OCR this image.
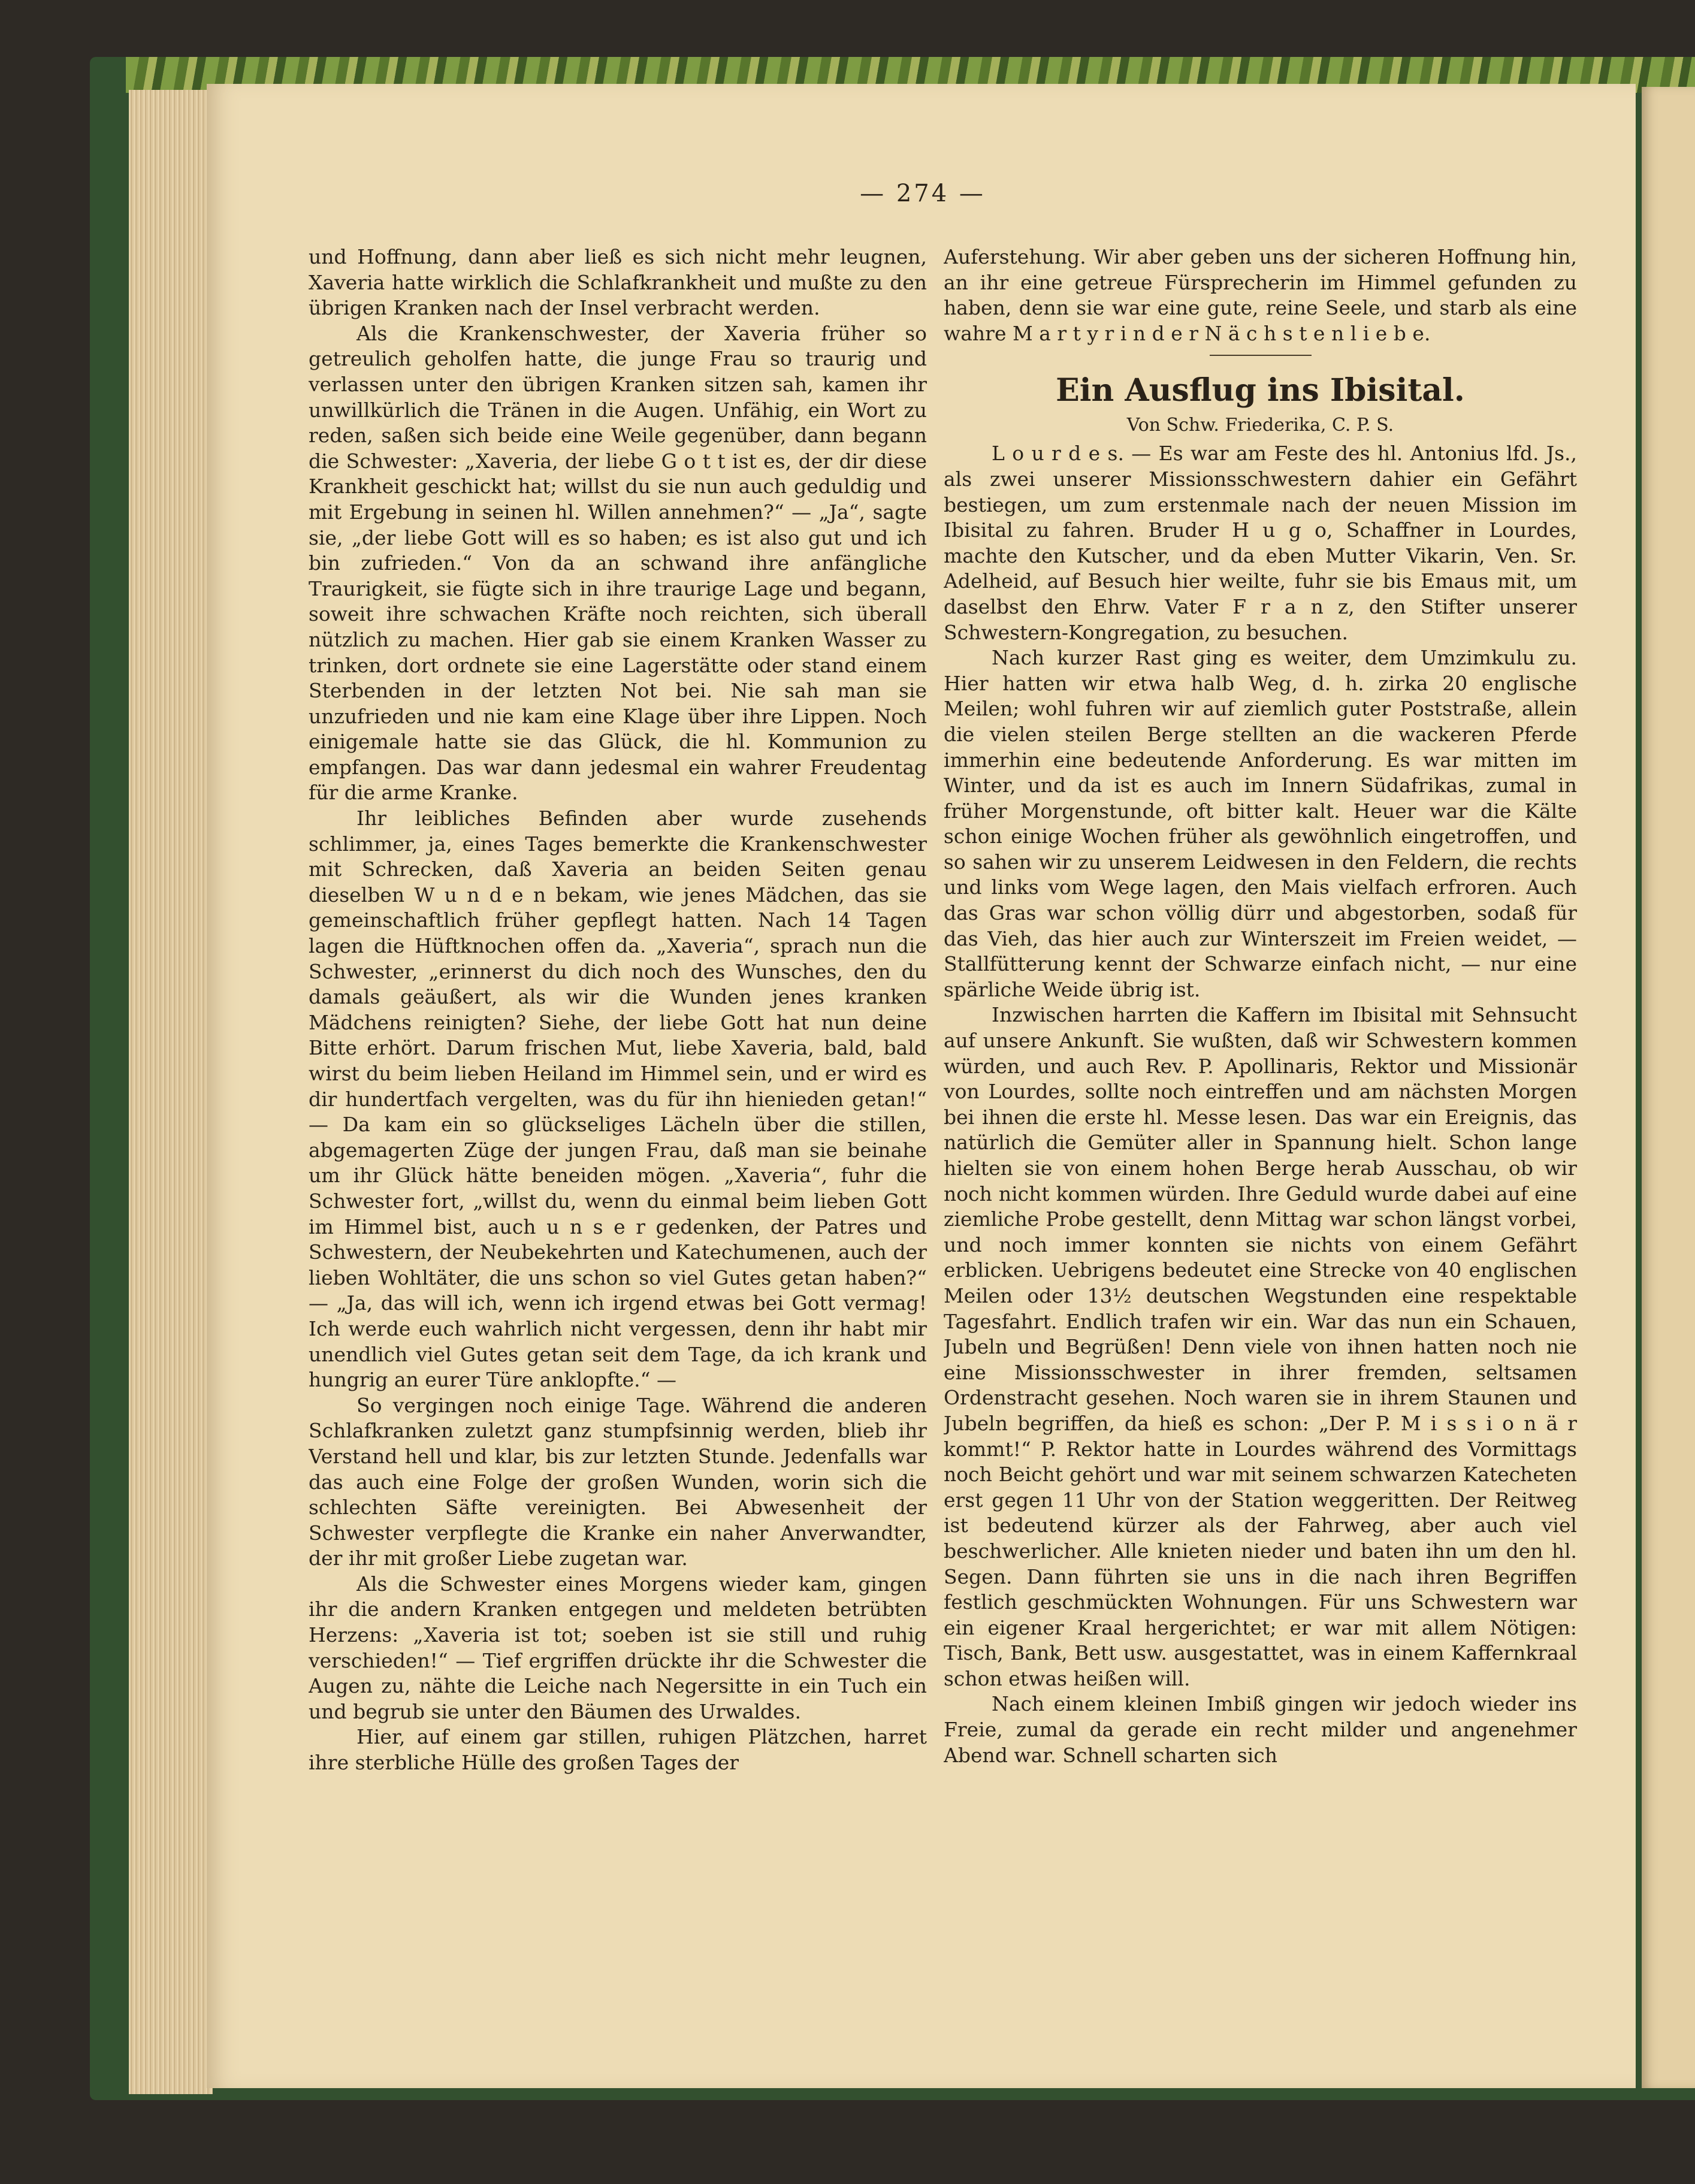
— 274 —

und Hoffnung, dann aber ließ es sich nicht mehr leugnen, Xaveria hatte wirklich die Schlafkrankheit und mußte zu den übrigen Kranken nach der Insel verbracht werden.

Als die Krankenschwester, der Xaveria früher so getreulich geholfen hatte, die junge Frau so traurig und verlassen unter den übrigen Kranken sitzen sah, kamen ihr unwillkürlich die Tränen in die Augen. Unfähig, ein Wort zu reden, saßen sich beide eine Weile gegenüber, dann begann die Schwester: „Xaveria, der liebe G o t t ist es, der dir diese Krankheit geschickt hat; willst du sie nun auch geduldig und mit Ergebung in seinen hl. Willen annehmen?“ — „Ja“, sagte sie, „der liebe Gott will es so haben; es ist also gut und ich bin zufrieden.“ Von da an schwand ihre anfängliche Traurigkeit, sie fügte sich in ihre traurige Lage und begann, soweit ihre schwachen Kräfte noch reichten, sich überall nützlich zu machen. Hier gab sie einem Kranken Wasser zu trinken, dort ordnete sie eine Lagerstätte oder stand einem Sterbenden in der letzten Not bei. Nie sah man sie unzufrieden und nie kam eine Klage über ihre Lippen. Noch einigemale hatte sie das Glück, die hl. Kommunion zu empfangen. Das war dann jedesmal ein wahrer Freudentag für die arme Kranke.

Ihr leibliches Befinden aber wurde zusehends schlimmer, ja, eines Tages bemerkte die Krankenschwester mit Schrecken, daß Xaveria an beiden Seiten genau dieselben W u n d e n bekam, wie jenes Mädchen, das sie gemeinschaftlich früher gepflegt hatten. Nach 14 Tagen lagen die Hüftknochen offen da. „Xaveria“, sprach nun die Schwester, „erinnerst du dich noch des Wunsches, den du damals geäußert, als wir die Wunden jenes kranken Mädchens reinigten? Siehe, der liebe Gott hat nun deine Bitte erhört. Darum frischen Mut, liebe Xaveria, bald, bald wirst du beim lieben Heiland im Himmel sein, und er wird es dir hundertfach vergelten, was du für ihn hienieden getan!“ — Da kam ein so glückseliges Lächeln über die stillen, abgemagerten Züge der jungen Frau, daß man sie beinahe um ihr Glück hätte beneiden mögen. „Xaveria“, fuhr die Schwester fort, „willst du, wenn du einmal beim lieben Gott im Himmel bist, auch u n s e r gedenken, der Patres und Schwestern, der Neubekehrten und Katechumenen, auch der lieben Wohltäter, die uns schon so viel Gutes getan haben?“ — „Ja, das will ich, wenn ich irgend etwas bei Gott vermag! Ich werde euch wahrlich nicht vergessen, denn ihr habt mir unendlich viel Gutes getan seit dem Tage, da ich krank und hungrig an eurer Türe anklopfte.“ —

So vergingen noch einige Tage. Während die anderen Schlafkranken zuletzt ganz stumpfsinnig werden, blieb ihr Verstand hell und klar, bis zur letzten Stunde. Jedenfalls war das auch eine Folge der großen Wunden, worin sich die schlechten Säfte vereinigten. Bei Abwesenheit der Schwester verpflegte die Kranke ein naher Anverwandter, der ihr mit großer Liebe zugetan war.

Als die Schwester eines Morgens wieder kam, gingen ihr die andern Kranken entgegen und meldeten betrübten Herzens: „Xaveria ist tot; soeben ist sie still und ruhig verschieden!“ — Tief ergriffen drückte ihr die Schwester die Augen zu, nähte die Leiche nach Negersitte in ein Tuch ein und begrub sie unter den Bäumen des Urwaldes.

Hier, auf einem gar stillen, ruhigen Plätzchen, harret ihre sterbliche Hülle des großen Tages der

Auferstehung. Wir aber geben uns der sicheren Hoffnung hin, an ihr eine getreue Fürsprecherin im Himmel gefunden zu haben, denn sie war eine gute, reine Seele, und starb als eine wahre M a r t y r i n d e r N ä c h s t e n l i e b e.

Ein Ausflug ins Ibisital.
Von Schw. Friederika, C. P. S.

L o u r d e s. — Es war am Feste des hl. Antonius lfd. Js., als zwei unserer Missionsschwestern dahier ein Gefährt bestiegen, um zum erstenmale nach der neuen Mission im Ibisital zu fahren. Bruder H u g o, Schaffner in Lourdes, machte den Kutscher, und da eben Mutter Vikarin, Ven. Sr. Adelheid, auf Besuch hier weilte, fuhr sie bis Emaus mit, um daselbst den Ehrw. Vater F r a n z, den Stifter unserer Schwestern-Kongregation, zu besuchen.

Nach kurzer Rast ging es weiter, dem Umzimkulu zu. Hier hatten wir etwa halb Weg, d. h. zirka 20 englische Meilen; wohl fuhren wir auf ziemlich guter Poststraße, allein die vielen steilen Berge stellten an die wackeren Pferde immerhin eine bedeutende Anforderung. Es war mitten im Winter, und da ist es auch im Innern Südafrikas, zumal in früher Morgenstunde, oft bitter kalt. Heuer war die Kälte schon einige Wochen früher als gewöhnlich eingetroffen, und so sahen wir zu unserem Leidwesen in den Feldern, die rechts und links vom Wege lagen, den Mais vielfach erfroren. Auch das Gras war schon völlig dürr und abgestorben, sodaß für das Vieh, das hier auch zur Winterszeit im Freien weidet, — Stallfütterung kennt der Schwarze einfach nicht, — nur eine spärliche Weide übrig ist.

Inzwischen harrten die Kaffern im Ibisital mit Sehnsucht auf unsere Ankunft. Sie wußten, daß wir Schwestern kommen würden, und auch Rev. P. Apollinaris, Rektor und Missionär von Lourdes, sollte noch eintreffen und am nächsten Morgen bei ihnen die erste hl. Messe lesen. Das war ein Ereignis, das natürlich die Gemüter aller in Spannung hielt. Schon lange hielten sie von einem hohen Berge herab Ausschau, ob wir noch nicht kommen würden. Ihre Geduld wurde dabei auf eine ziemliche Probe gestellt, denn Mittag war schon längst vorbei, und noch immer konnten sie nichts von einem Gefährt erblicken. Uebrigens bedeutet eine Strecke von 40 englischen Meilen oder 13½ deutschen Wegstunden eine respektable Tagesfahrt. Endlich trafen wir ein. War das nun ein Schauen, Jubeln und Begrüßen! Denn viele von ihnen hatten noch nie eine Missionsschwester in ihrer fremden, seltsamen Ordenstracht gesehen. Noch waren sie in ihrem Staunen und Jubeln begriffen, da hieß es schon: „Der P. M i s s i o n ä r kommt!“ P. Rektor hatte in Lourdes während des Vormittags noch Beicht gehört und war mit seinem schwarzen Katecheten erst gegen 11 Uhr von der Station weggeritten. Der Reitweg ist bedeutend kürzer als der Fahrweg, aber auch viel beschwerlicher. Alle knieten nieder und baten ihn um den hl. Segen. Dann führten sie uns in die nach ihren Begriffen festlich geschmückten Wohnungen. Für uns Schwestern war ein eigener Kraal hergerichtet; er war mit allem Nötigen: Tisch, Bank, Bett usw. ausgestattet, was in einem Kaffernkraal schon etwas heißen will.

Nach einem kleinen Imbiß gingen wir jedoch wieder ins Freie, zumal da gerade ein recht milder und angenehmer Abend war. Schnell scharten sich
